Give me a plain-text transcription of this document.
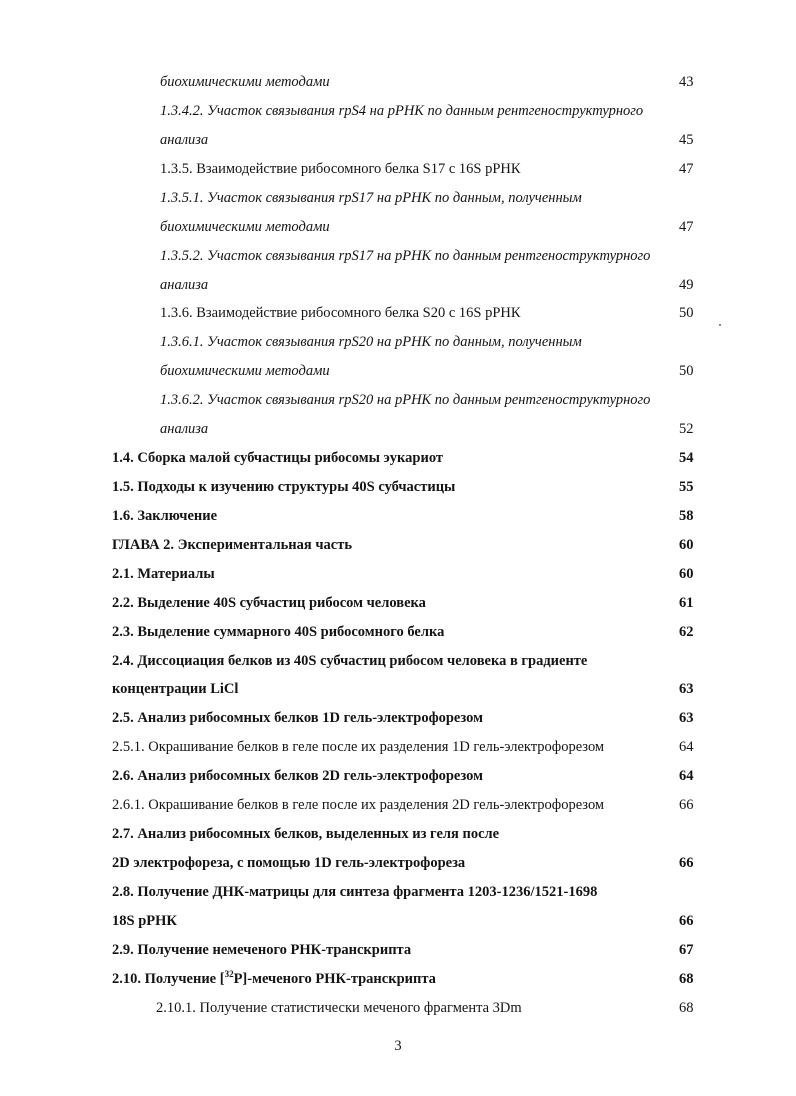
биохимическими методами	43
1.3.4.2. Участок связывания rpS4 на рРНК по данным рентгеноструктурного
анализа	45
1.3.5. Взаимодействие рибосомного белка S17 с 16S рРНК	47
1.3.5.1. Участок связывания rpS17 на рРНК по данным, полученным
биохимическими методами	47
1.3.5.2. Участок связывания rpS17 на рРНК по данным рентгеноструктурного
анализа	49
1.3.6. Взаимодействие рибосомного белка S20 с 16S рРНК	50
1.3.6.1. Участок связывания rpS20 на рРНК по данным, полученным
биохимическими методами	50
1.3.6.2. Участок связывания rpS20 на рРНК по данным рентгеноструктурного
анализа	52
1.4. Сборка малой субчастицы рибосомы эукариот	54
1.5. Подходы к изучению структуры 40S субчастицы	55
1.6. Заключение	58
ГЛАВА 2. Экспериментальная часть	60
2.1. Материалы	60
2.2. Выделение 40S субчастиц рибосом человека	61
2.3. Выделение суммарного 40S рибосомного белка	62
2.4. Диссоциация белков из 40S субчастиц рибосом человека в градиенте
концентрации LiCl	63
2.5. Анализ рибосомных белков 1D гель-электрофорезом	63
2.5.1. Окрашивание белков в геле после их разделения 1D гель-электрофорезом	64
2.6. Анализ рибосомных белков 2D гель-электрофорезом	64
2.6.1. Окрашивание белков в геле после их разделения 2D гель-электрофорезом	66
2.7. Анализ рибосомных белков, выделенных из геля после
2D электрофореза, с помощью 1D гель-электрофореза	66
2.8. Получение ДНК-матрицы для синтеза фрагмента 1203-1236/1521-1698
18S рРНК	66
2.9. Получение немеченого РНК-транскрипта	67
2.10. Получение [$^{32}$P]-меченого РНК-транскрипта	68
2.10.1. Получение статистически меченого фрагмента 3Dm	68
3
